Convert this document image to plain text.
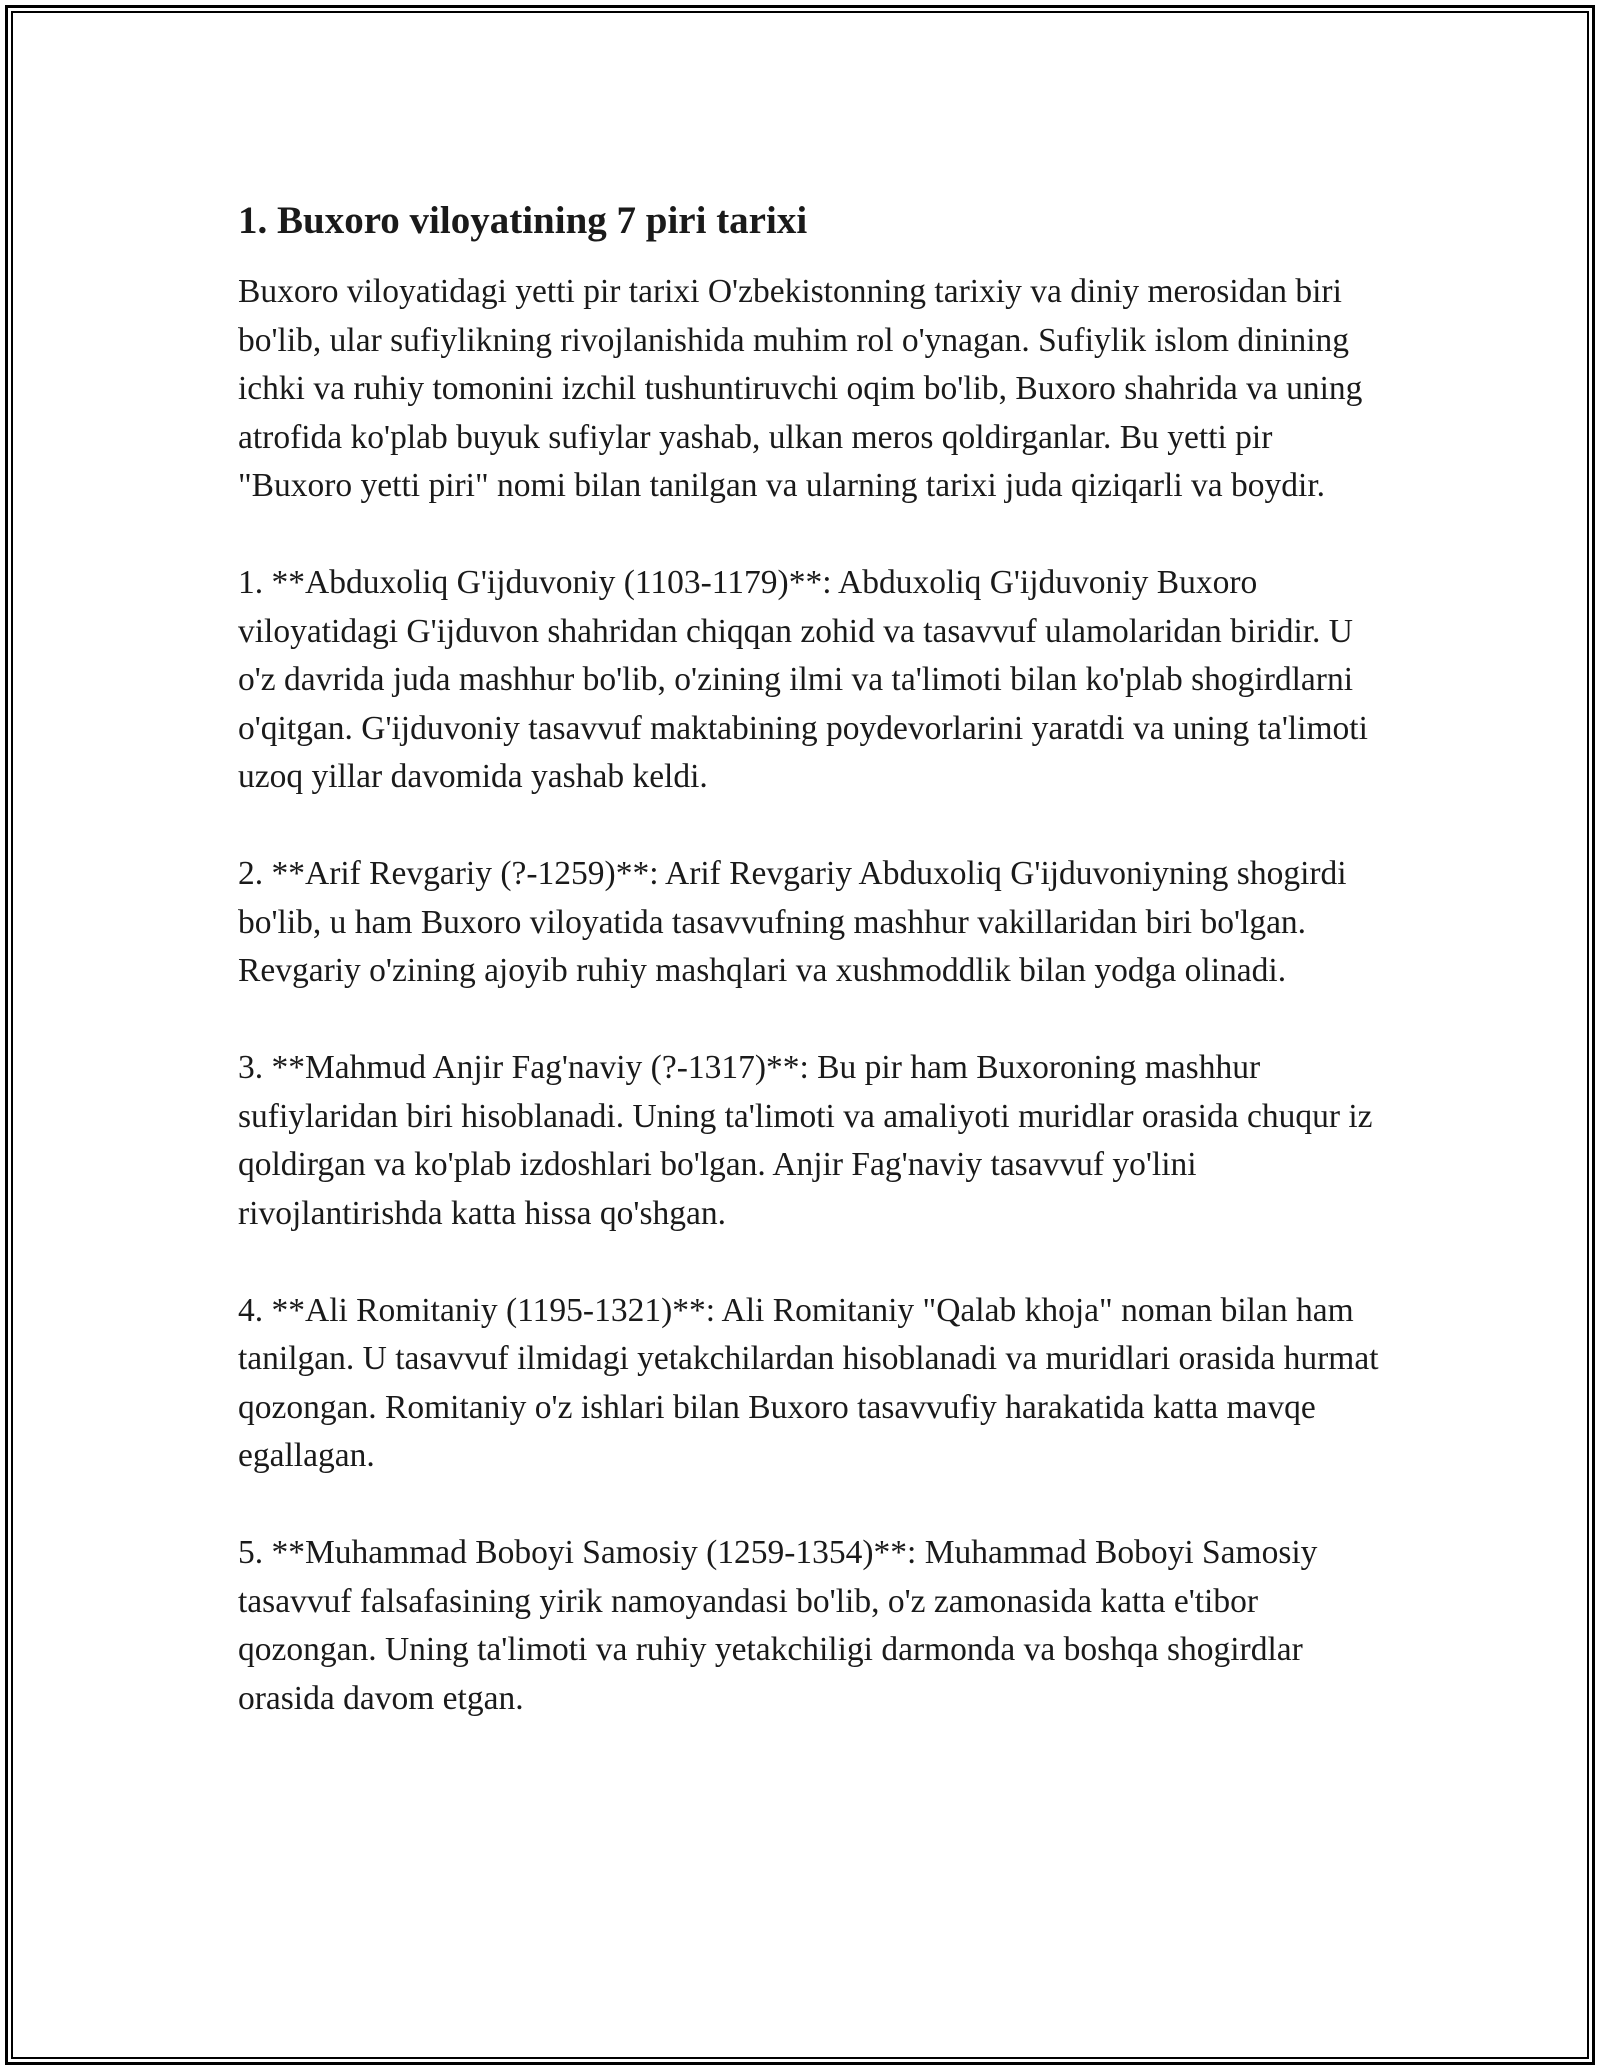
1. Buxoro viloyatining 7 piri tarixi

Buxoro viloyatidagi yetti pir tarixi O'zbekistonning tarixiy va diniy merosidan biri bo'lib, ular sufiylikning rivojlanishida muhim rol o'ynagan. Sufiylik islom dinining ichki va ruhiy tomonini izchil tushuntiruvchi oqim bo'lib, Buxoro shahrida va uning atrofida ko'plab buyuk sufiylar yashab, ulkan meros qoldirganlar. Bu yetti pir "Buxoro yetti piri" nomi bilan tanilgan va ularning tarixi juda qiziqarli va boydir.

1. **Abduxoliq G'ijduvoniy (1103-1179)**: Abduxoliq G'ijduvoniy Buxoro viloyatidagi G'ijduvon shahridan chiqqan zohid va tasavvuf ulamolaridan biridir. U o'z davrida juda mashhur bo'lib, o'zining ilmi va ta'limoti bilan ko'plab shogirdlarni o'qitgan. G'ijduvoniy tasavvuf maktabining poydevorlarini yaratdi va uning ta'limoti uzoq yillar davomida yashab keldi.

2. **Arif Revgariy (?-1259)**: Arif Revgariy Abduxoliq G'ijduvoniyning shogirdi bo'lib, u ham Buxoro viloyatida tasavvufning mashhur vakillaridan biri bo'lgan. Revgariy o'zining ajoyib ruhiy mashqlari va xushmoddlik bilan yodga olinadi.

3. **Mahmud Anjir Fag'naviy (?-1317)**: Bu pir ham Buxoroning mashhur sufiylaridan biri hisoblanadi. Uning ta'limoti va amaliyoti muridlar orasida chuqur iz qoldirgan va ko'plab izdoshlari bo'lgan. Anjir Fag'naviy tasavvuf yo'lini rivojlantirishda katta hissa qo'shgan.

4. **Ali Romitaniy (1195-1321)**: Ali Romitaniy "Qalab khoja" noman bilan ham tanilgan. U tasavvuf ilmidagi yetakchilardan hisoblanadi va muridlari orasida hurmat qozongan. Romitaniy o'z ishlari bilan Buxoro tasavvufiy harakatida katta mavqe egallagan.

5. **Muhammad Boboyi Samosiy (1259-1354)**: Muhammad Boboyi Samosiy tasavvuf falsafasining yirik namoyandasi bo'lib, o'z zamonasida katta e'tibor qozongan. Uning ta'limoti va ruhiy yetakchiligi darmonda va boshqa shogirdlar orasida davom etgan.
